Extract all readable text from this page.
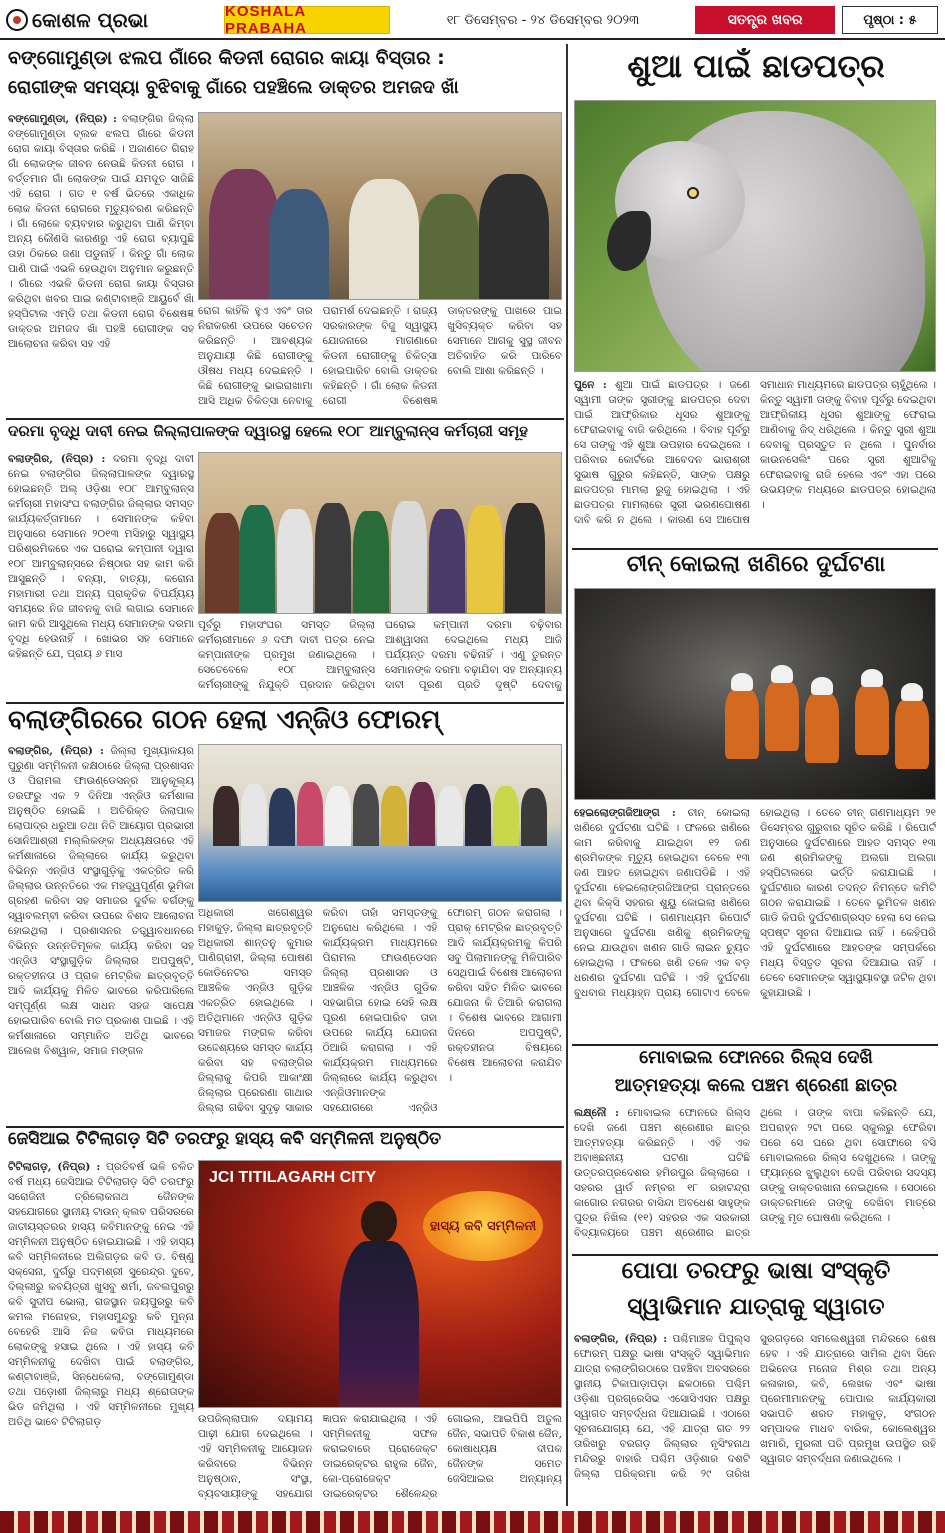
କୋଶଳ ପ୍ରଭା	KOSHALA PRABAHA	୧୮ ଡିସେମ୍ବର - ୨୪ ଡିସେମ୍ବର ୨୦୨୩	ସତନ୍ତ୍ର ଖବର	ପୃଷ୍ଠା : ୫
ବଙ୍ଗୋମୁଣ୍ଡା ଝଲପ ଗାଁରେ କିଡନୀ ରୋଗର କାୟା ବିସ୍ତାର :
ରୋଗୀଙ୍କ ସମସ୍ୟା ବୁଝିବାକୁ ଗାଁରେ ପହଞ୍ଚିଲେ ଡାକ୍ତର ଅମଜଦ ଖାଁ
ବଙ୍ଗୋମୁଣ୍ଡା, (ନିପ୍ର) : ବଲାଙ୍ଗିର ଜିଲ୍ଲା ବଙ୍ଗୋମୁଣ୍ଡା ବ୍ଲକ ଝଲପ ଗାଁରେ କିଡନୀ ରୋଗ କାୟା ବିସ୍ତାର କରିଛି । ଅଜାଣତେ ଗିରାହ ଗାଁ ଲୋକଙ୍କ ଜୀବନ ନେଉଛି କିଡନୀ ରୋଗ । ବର୍ତ୍ତମାନ ଗାଁ ଲୋକଙ୍କ ପାଇଁ ଯମଦୂତ ସାଜିଛି ଏହି ରୋଗ । ଗତ ୧ ବର୍ଷ ଭିତରେ ଏକାଧିକ ଲୋକ କିଡନୀ ରୋଗରେ ମୃତ୍ୟୁବରଣ କରିଛନ୍ତି । ଗାଁ ଲୋକେ ବ୍ୟବହାର କରୁଥିବା ପାଣି କିମ୍ବା ଅନ୍ୟ କୌଣସି କାରଣରୁ ଏହି ରୋଗ ବ୍ୟାପୁଛି ତାହା ଠିକରେ ଜଣା ପଡୁନାହିଁ । କିନ୍ତୁ ଗାଁ ଲୋକ ପାଣି ପାଇଁ ଏଭଳି ହେଉଥିବା ଅନୁମାନ କରୁଛନ୍ତି । ଗାଁରେ ଏଭଳି କିଡନୀ ରୋଗ କାୟା ବିସ୍ତାର କରିଥିବା ଖବର ପାଇ କଣ୍ଟାବାଞ୍ଜି ଆୟୁର୍ବେ ଖାଁ ହସ୍ପିଟାଲ ଏମ୍‌ଡି ତଥା କିଡନୀ ରୋଗ ବିଶେଷଜ୍ଞ ଡାକ୍ତର ଅମଜଦ ଖାଁ ପହଞ୍ଚି ରୋଗୀଙ୍କ ସହ ଆଲୋଚନା କରିବା ସହ ଏହି
ରୋଗ କାହିଁକି ହୁଏ ଏବଂ ତାର ନିରାକରଣ ଉପରେ ସଚେତନ କରିଛନ୍ତି । ଆବଶ୍ୟକ ଅନୁଯାୟୀ କିଛି ରୋଗୀଙ୍କୁ ଔଷଧ ମଧ୍ୟ ଦେଇଛନ୍ତି । କିଛି ରୋଗୀଙ୍କୁ ଭାଇରାଖାମା ଆସି ଅଧିକ ଚିକିତ୍ସା ନେବାକୁ ପରାମର୍ଶ ଦେଇଛନ୍ତି । ରାଜ୍ୟ ସରକାରଙ୍କ ବିଜୁ ସ୍ୱାସ୍ଥ୍ୟ ଯୋଜନାରେ ମାଗଣାରେ କିଡନୀ ରୋଗୀଙ୍କୁ ଚିକିତ୍ସା ହୋଇପାରିବ ବୋଲି ଡାକ୍ତର କହିଛନ୍ତି । ଗାଁ ଲୋକ କିଡନୀ ରୋଗୀ ବିଶେଷଜ୍ଞ ଡାକ୍ତରଙ୍କୁ ପାଖରେ ପାଇ ଖୁସିବ୍ୟକ୍ତ କରିବା ସହ ସେମାନେ ଆଗକୁ ସୁସ୍ଥ ଜୀବନ ଅତିବାହିତ କରି ପାରିବେ ବୋଲି ଆଶା କରିଛନ୍ତି ।
ଦରମା ବୃଦ୍ଧି ଦାବୀ ନେଇ ଜିଲ୍ଲାପାଳଙ୍କ ଦ୍ୱାରସ୍ଥ ହେଲେ ୧୦୮ ଆମ୍ବୁଲାନ୍ସ କର୍ମଚାରୀ ସମୂହ
ବଲାଙ୍ଗିର, (ନିପ୍ର) : ଦରମା ବୃଦ୍ଧି ଦାବୀ ନେଇ ବଲାଙ୍ଗିର ଜିଲ୍ଲାପାଳଙ୍କ ଦ୍ୱାରସ୍ଥ ହୋଇଛନ୍ତି ଅଲ୍ ଓଡ଼ିଶା ୧୦୮ ଆମ୍ବୁଲାନ୍ସ କର୍ମଚାରୀ ମହାସଂଘ ବଲାଙ୍ଗିର ଜିଲ୍ଲାର ସମସ୍ତ କାର୍ଯ୍ୟକର୍ତ୍ତାମାନେ । ସେମାନଙ୍କ କହିବା ଅନୁସାରେ ସେମାନେ ୨୦୧୩ ମସିହାରୁ ସ୍ୱାସ୍ଥ୍ୟ ପରିଶ୍ରମିକରେ ଏକ ଘରୋଇ କମ୍ପାନୀ ଦ୍ୱାରା ୧୦୮ ଆମ୍ବୁଲାନ୍ସରେ ନିଷ୍ଠାର ସହ କାମ କରି ଆସୁଛନ୍ତି । ବନ୍ୟା, ବାତ୍ୟା, କରୋନା ମହାମାରୀ ତଥା ଅନ୍ୟ ପ୍ରାକୃତିକ ବିପର୍ଯ୍ୟୟ ସମୟରେ ନିଜ ଜୀବନକୁ ବାଜି ଲଗାଇ ସେମାନେ କାମ କରି ଆସୁଥିଲେ ମଧ୍ୟ ସେମାନଙ୍କ ଦରମା ବୃଦ୍ଧି ହେଉନାହିଁ । ଖୋଭର ସହ ସେମାନେ କହିଛନ୍ତି ଯେ, ପ୍ରାୟ ୬ ମାସ
ପୂର୍ବରୁ ମହାସଂଘର ସମସ୍ତ ଜିଲ୍ଲା କର୍ମଚାରୀମାନେ ୬ ଦଫା ଦାବୀ ପତ୍ର ନେଇ କମ୍ପାନୀଙ୍କ ପ୍ରମୁଖ ଜଣାଇଥିଲେ । ସେତେବେଳେ ୧୦୮ ଆମ୍ବୁଲାନ୍ସ କର୍ମଚାରୀଙ୍କୁ ନିଯୁକ୍ତି ପ୍ରଦାନ କରିଥିବା ଘରୋଇ କମ୍ପାନୀ ଦରମା ବଢ଼ିବାର ଆଶ୍ୱାସନା ଦେଇଥିଲେ ମଧ୍ୟ ଆଜି ପର୍ଯ୍ୟନ୍ତ ଦରମା ବଢିନାହିଁ । ଏଣୁ ତୁରନ୍ତ ସେମାନଙ୍କ ଦରମା ବଢ଼ାଯିବା ସହ ଅନ୍ୟାନ୍ୟ ଦାବୀ ପୂରଣ ପ୍ରତି ଦୃଷ୍ଟି ଦେବାକୁ
ବଲାଙ୍ଗିରରେ ଗଠନ ହେଲା ଏନ୍‌ଜିଓ ଫୋରମ୍
ବଲାଙ୍ଗିର, (ନିପ୍ର) : ଜିଲ୍ଲା ମୁଖ୍ୟାଳୟର ପୁରୁଣା ସମ୍ମିଳନୀ କକ୍ଷଠାରେ ଜିଲ୍ଲା ପ୍ରଶାସନ ଓ ପିରାମଲ ଫାଉଣ୍ଡେସନ୍‌ର ଆନୁକୂଲ୍ୟ ତରଫରୁ ଏକ ୨ ଦିନିଆ ଏନ୍‌ଜିଓ କର୍ମଶାଳା ଅନୁଷ୍ଠିତ ହୋଇଛି । ଅତିରିକ୍ତ ଜିଲାପାଳ ଲୋପାଦ୍ର ଧରୁଆ ତଥା ନିତି ଆୟୋଗ ପ୍ରଭାରୀ ସୋନିଆଶ୍ରୀ ମଲ୍ଲିକଙ୍କ ଅଧ୍ୟକ୍ଷତାରେ ଏହି କର୍ମଶାଳାରେ ଜିଲ୍ଲାରେ କାର୍ଯ୍ୟ କରୁଥିବା ବିଭିନ୍ନ ଏନ୍‌ଜିଓ ସଂସ୍ଥାଗୁଡ଼ିକୁ ଏକତ୍ରିତ କରି ଜିଲ୍ଲାର ଉନ୍ନତିରେ ଏକ ମହତ୍ତ୍ୱପୂର୍ଣ୍ଣ ଭୂମିକା ଗ୍ରହଣ କରିବା ସହ ସମାଜର ଦୁର୍ବଳ ବର୍ଗଙ୍କୁ ସ୍ୱାବଲମ୍ବୀ କରିବା ଉପରେ ବିଶଦ ଆଲୋଚନା ହୋଇଥିଲା । ପ୍ରଶାସନର ତତ୍ତ୍ୱାବଧାନରେ ବିଭିନ୍ନ ଉନ୍ନତିମୂଳକ କାର୍ଯ୍ୟ କରିବା ସହ ଏନ୍‌ଜିଓ ସଂସ୍ଥାଗୁଡ଼ିକ ଜିଲ୍ଲାର ଅପପୁଷ୍ଟି, ରକ୍ତହୀନତା ଓ ପ୍ରାକ ମେଟ୍ରିକ ଛାତ୍ରବୃତ୍ତି ଆଦି କାର୍ଯ୍ୟକୁ ମିଳିତ ଭାବରେ କରିପାରିଲେ ସମ୍ପୂର୍ଣ୍ଣ ଲକ୍ଷ ସାଧନ ସହଜ ସାପେକ୍ଷ ହୋଇପାରିବ ବୋଲି ମତ ପ୍ରକାଶ ପାଇଛି । ଏହି କର୍ମଶାଳାରେ ସମ୍ମାନିତ ଅତିଥି ଭାବରେ ଆଲେଖ ବିଶ୍ୱାଳ, ସମାଜ ମଙ୍ଗଳ
ଅଧିକାରୀ ଖଗେଶ୍ୱର ମହାକୁଡ଼, ଜିଲ୍ଲା ଛାତ୍ରବୃତ୍ତି ଅଧିକାରୀ ଶାନ୍ତନୁ କୁମାର ପାଣିଗ୍ରାହୀ, ଜିଲ୍ଲା ପୋଷଣ କୋଡିନେଟର ସମସ୍ତ ଆଞ୍ଚଳିକ ଏନ୍‌ଜିଓ ଗୁଡ଼ିକ ଏକତ୍ରିତ ହୋଇଥିଲେ । ଅତିଥିମାନେ ଏନ୍‌ଜିଓ ଗୁଡ଼ିକ ସମାଜର ମଙ୍ଗଳ କରିବା ଉଦ୍ଦେଶ୍ୟରେ ସମସ୍ତ କାର୍ଯ୍ୟ କରିବା ସହ ବଲାଙ୍ଗିର ଜିଲ୍ଲାକୁ କିପରି ଆକାଂକ୍ଷୀ ଜିଲ୍ଲାର ପ୍ରେରଣା ଗାଥାର ଜିଲ୍ଲା ଗଢିବା ସୁଦୃଢ଼ ସାକାର କରିବା ତାହାଁ ସମସ୍ତଙ୍କୁ ଅନୁରୋଧ କରିଥିଲେ । ଏହି କାର୍ଯ୍ୟକ୍ରମ ମାଧ୍ୟମରେ ପିରାମଲ ଫାଉଣ୍ଡେସନ ଜିଲ୍ଲା ପ୍ରଶାସନ ଓ ଆଞ୍ଚଳିକ ଏନ୍‌ଜିଓ ଗୁଡିକ ସହଭାଗିତା ହୋଇ ସେହି ଲକ୍ଷ ପୂରଣ ହୋଇପାରିବ ତାହା ଉପରେ କାର୍ଯ୍ୟ ଯୋଜନା ଠିଆରି କରାଗଲା । ଏହି କାର୍ଯ୍ୟକ୍ରମ ମାଧ୍ୟମରେ ଜିଲ୍ଲାରେ କାର୍ଯ୍ୟ କରୁଥିବା ଏନ୍‌ଜିଓମାନଙ୍କ ସହଯୋଗରେ ଏନ୍‌ଜିଓ ଫୋରମ୍ ଗଠନ କରାଗଲା । ପ୍ରାକ୍ ମେଟ୍ରିକ ଛାତ୍ରବୃତ୍ତି ଆଦି କାର୍ଯ୍ୟକ୍ରମକୁ କିପରି ସବୁ ପିଲାମାନଙ୍କୁ ମିଳିପାରିବ ସେଥିପାଇଁ ବିଶେଷ ଆଲୋଚନା କରିବା ସହିତ ମିଳିତ ଭାବରେ ଯୋଜନା କି ତିଆରି କରାଗଲା । ବିଶେଷ ଭାବରେ ଆଗାମୀ ଦିନରେ ଅପପୁଷ୍ଟି, ରକ୍ତହୀନତା ବିଷୟରେ ବିଶେଷ ଆଲୋଚନା କରାଯିବ ।
ଜେସିଆଇ ଟିଟିଲାଗଡ଼ ସିଟି ତରଫରୁ ହାସ୍ୟ କବି ସମ୍ମିଳନୀ ଅନୁଷ୍ଠିତ
ଟିଟିଲାଗଡ଼, (ନିପ୍ର) : ପ୍ରତିବର୍ଷ ଭଳି ଚଳିତ ବର୍ଷ ମଧ୍ୟ ଜେସିଆଇ ଟିଟିଲାଗଡ଼ ସିଟି ତରଫରୁ ସରୋଜିନୀ ତ୍ରିଲୋକନାଥ ଜୈନଙ୍କ ସହଯୋଗରେ ସ୍ଥାନୀୟ ଟାଉନ୍ କ୍ଲବ ପରିସରରେ ଜାତୀୟସ୍ତରର ହାସ୍ୟ କବିମାନଙ୍କୁ ନେଇ ଏହି ସମ୍ମିଳନୀ ଅନୁଷ୍ଠିତ ହୋଇଯାଇଛି । ଏହି ହାସ୍ୟ କବି ସମ୍ମିଳନୀରେ ଅଲିଗଡ଼ର କବି ଡ. ବିଷ୍ଣୁ ସକ୍ସେନା, ଦୁର୍ଗରୁ ପଦ୍ମଶ୍ରୀ ସୁରେନ୍ଦ୍ର ଦୁବେ, ଦିଲ୍ଲୀରୁ କବୟିତ୍ରୀ ଖୁସବୁ ଶର୍ମା, ଜବଲପୁରରୁ କବି ସୁଦୀପ ଭୋଲା, ରାଜସ୍ଥାନ ଜୟପୁରରୁ କବି କମଲ ମନୋହର, ମହାସମୁନ୍ଦରୁ କବି ମୁନ୍ନା ବେହେରି ଆସି ନିଜ କବିତା ମାଧ୍ୟମରେ ଲୋକଙ୍କୁ ହସାଇ ଥିଲେ । ଏହି ହାସ୍ୟ କବି ସମ୍ମିଳନୀକୁ ଦେଖିବା ପାଇଁ ବଲାଙ୍ଗିର, କଣ୍ଟାବାଞ୍ଜି, ସିନ୍ଧେକେଲା, ବଙ୍ଗୋମୁଣ୍ଡା ତଥା ପଡ଼ୋଶୀ ଜିଲ୍ଲାରୁ ମଧ୍ୟ ଶ୍ରୋତାଙ୍କ ଭିଡ ଜମିଥିଲା । ଏହି ସମ୍ମିଳନୀରେ ମୁଖ୍ୟ ଅତିଥି ଭାବେ ଟିଟିଲାଗଡ଼
JCI TITILAGARH CITY
ହାସ୍ୟ କବି ସମ୍ମିଳନୀ
ଉପଜିଲ୍ଲାପାଳ ଦୟାମୟ ପାଢ଼ୀ ଯୋଗ ଦେଇଥିଲେ । ଏହି ସମ୍ମିଳନୀକୁ ଆୟୋଜନ କରିବାରେ ବିଭିନ୍ନ ଅନୁଷ୍ଠାନ, ସଂସ୍ଥା, ବ୍ୟବସାୟୀଙ୍କୁ ସହଯୋଗ ଜ୍ଞାପନ କରାଯାଇଥିଲା । ଏହି ସମ୍ମିଳନୀକୁ ସଫଳ କରାଇବାରେ ପ୍ରୋଜେକ୍ଟ ଡାଇରେକ୍ଟର ରାହୁଲ ଜୈନ, କୋ-ପ୍ରୋଜେକ୍ଟ ଡାଇରେକ୍ଟର ଶୈଳେନ୍ଦ୍ର ଗୋଇଲ, ଆଇପିପି ଅତୁଲ ଜୈନ, ସଭାପତି ବିକାଶ ଜୈନ, କୋଷାଧ୍ୟକ୍ଷ ଦୀପକ ଜୈନଙ୍କ ସମେତ ଜେସିଆଇର ଅନ୍ୟାନ୍ୟ
ଶୁଆ ପାଇଁ ଛାଡପତ୍ର
ପୁନେ : ଶୁଆ ପାଇଁ ଛାଡପତ୍ର । ଜଣେ ସ୍ୱାମୀ ତାଙ୍କ ସ୍ତ୍ରୀଙ୍କୁ ଛାଡପତ୍ର ଦେବା ପାଇଁ ଆଫ୍ରିକାର ଧୂସର ଶୁଆଙ୍କୁ ଫେରାଇବାକୁ ବାଜି କରିଥିଲେ । ବିବାହ ପୂର୍ବରୁ ସେ ତାଙ୍କୁ ଏହି ଶୁଆ ଉପହାର ଦେଇଥିଲେ । ପରିବାର କୋର୍ଟରେ ଆବେଦନ ଭାରାଶ୍ରୀ ସୁଭାଷ ଗୁରୁର କହିଛନ୍ତି, ସାଙ୍କ ପକ୍ଷରୁ ଛାଡପତ୍ର ମାମଲା ରୁଜୁ ହୋଇଥିଲା । ଏହି ଛାଡପତ୍ର ମାମଲାରେ ସ୍ତ୍ରୀ ଭରଣପୋଷଣ ଦାବି କରି ନ ଥିଲେ । କାରଣ ସେ ଆପୋଷ ସମାଧାନ ମାଧ୍ୟମରେ ଛାଡପତ୍ର ଚାହୁଁଥିଲେ । କିନ୍ତୁ ସ୍ୱାମୀ ତାଙ୍କୁ ବିବାହ ପୂର୍ବରୁ ଦେଇଥିବା ଆଫ୍ରିକୀୟ ଧୂସର ଶୁଆଙ୍କୁ ଫେରାଇ ଆଣିବାକୁ ଜିଦ୍ ଧରିଥିଲେ । କିନ୍ତୁ ସ୍ତ୍ରୀ ଶୁଆ ଦେବାକୁ ପ୍ରସ୍ତୁତ ନ ଥିଲେ । ପୁନର୍ବାର କାଉନସେଲିଂ ପରେ ସ୍ତ୍ରୀ ଶୁଆଟିକୁ ଫେରାଇବାକୁ ରାଜି ହେଲେ ଏବଂ ଏହା ପରେ ଉଭୟଙ୍କ ମଧ୍ୟରେ ଛାଡପତ୍ର ହୋଇଥିଲା ।
ଚୀନ୍ କୋଇଲା ଖଣିରେ ଦୁର୍ଘଟଣା
ହେଇଲୋଙ୍ଗଜିଆଙ୍ଗ : ଚୀନ୍ କୋଇଲା ଖଣିରେ ଦୁର୍ଘଟଣା ଘଟିଛି । ଫଳରେ ଖଣିରେ କାମ କରିବାକୁ ଯାଇଥିବା ୧୨ ଜଣ ଶ୍ରମିକଙ୍କ ମୃତ୍ୟୁ ହୋଇଥିବା ବେଳେ ୧୩ ଜଣ ଆହତ ହୋଇଥିବା ଜଣାପଡିଛି । ଏହି ଦୁର୍ଘଟଣା ହେଇଲୋଙ୍ଗଜିଆଙ୍ଗ ପ୍ରାନ୍ତରେ ଥିବା କିକ୍ସି ସହରର ଶୁୟୁ କୋଇଲା ଖଣିରେ ଦୁର୍ଘଟଣା ଘଟିଛି । ଗଣମାଧ୍ୟମ ରିପୋର୍ଟ ଅନୁସାରେ ଦୁର୍ଘଟଣା ଖଣିକୁ ଶ୍ରମିକଙ୍କୁ ନେଇ ଯାଉଥିବା ଖଣନ ଗାଡି ଲାଇନ ଚ୍ୟୁତ ହୋଇଥିଲା । ଫଳରେ ଖଣି ତଳେ ଏକ ବଡ଼ ଧରଣର ଦୁର୍ଘଟଣା ଘଟିଛି । ଏହି ଦୁର୍ଘଟଣା ବୁଧବାର ମଧ୍ୟାହ୍ନ ପ୍ରାୟ ଗୋଟାଏ ବେଳେ ହୋଇଥିଲା । ତେବେ ଚୀନ୍ ଗଣମାଧ୍ୟମ ୨୧ ଡିସେମ୍ବର ଗୁରୁବାର ସୂଚିତ କରିଛି । ରିପୋର୍ଟ ଅନୁସାରେ ଦୁର୍ଘଟଣାରେ ଆହତ ସମସ୍ତ ୧୩ ଜଣ ଶ୍ରମିକଙ୍କୁ ଅଲଗା ଅଲଗା ହସ୍ପିଟାଲରେ ଭର୍ତ୍ତି କରାଯାଇଛି । ଦୁର୍ଘଟଣାର କାରଣ ତଦନ୍ତ ନିମନ୍ତେ କମିଟି ଗଠନ କରାଯାଇଛି । ତେବେ ଭୂମିତଳ ଖଣନ ଗାଡି କିପରି ଦୁର୍ଘଟଣାଗ୍ରସ୍ତ ହେଲା ସେ ନେଇ ସ୍ପଷ୍ଟ ସୂଚନା ଦିଆଯାଇ ନାହିଁ । କେହିପରି ଏହି ଦୁର୍ଘଟଣାରେ ଆହତଙ୍କ ସମ୍ପର୍କରେ ମଧ୍ୟ ବିସ୍ତୃତ ସୂଚନା ଦିଆଯାଇ ନାହିଁ । ତେବେ ସେମାନଙ୍କ ସ୍ୱାସ୍ଥ୍ୟାବସ୍ଥା ଜଟିଳ ଥିବା କୁହାଯାଉଛି ।
ମୋବାଇଲ ଫୋନରେ ରିଲ୍ସ ଦେଖି
ଆତ୍ମହତ୍ୟା କଲେ ପଞ୍ଚମ ଶ୍ରେଣୀ ଛାତ୍ର
ଲକ୍ଷ୍ନୌ : ମୋବାଇଲ ଫୋନରେ ରିଲ୍ସ ଦେଖି ଜଣେ ପଞ୍ଚମ ଶ୍ରେଣୀର ଛାତ୍ର ଆତ୍ମହତ୍ୟା କରିଛନ୍ତି । ଏହି ଏକ ଅବାଞ୍ଛନୀୟ ଘଟଣା ଘଟିଛି ଉତ୍ତରପ୍ରଦେଶର ହମିରପୁର ଜିଲ୍ଲାରେ । ସହରର ୱାର୍ଡ ନମ୍ବର ୧୮ ରହାଟନ୍ଦ୍ରା କାଗୋର ନଗରର ବାସିନ୍ଦା ଅବଧେଶ ସାହୁଙ୍କ ପୁତ୍ର ନିଖିଲ (୧୧) ସହରର ଏକ ସରକାରୀ ବିଦ୍ୟାଳୟରେ ପଞ୍ଚମ ଶ୍ରେଣୀର ଛାତ୍ର ଥିଲେ । ତାଙ୍କ ବାପା କହିଛନ୍ତି ଯେ, ଅପରାହ୍ନ ୨ଟା ପରେ ସ୍କୁଲରୁ ଫେରିବା ପରେ ସେ ଘରେ ଥିବା ସୋଫାରେ ବସି ମୋବାଇଲରେ ରିଲ୍ସ ଦେଖୁଥିଲେ । ତାଙ୍କୁ ଫ୍ୟାନ୍‌ରେ ଝୁଲୁଥିବା ଦେଖି ପରିବାର ସଦସ୍ୟ ତାଙ୍କୁ ଡାକ୍ତରଖାନା ନେଇଥିଲେ । ସେଠାରେ ଡାକ୍ତରମାନେ ତାଙ୍କୁ ଦେଖିବା ମାତ୍ରେ ତାଙ୍କୁ ମୃତ ଘୋଷଣା କରିଥିଲେ ।
ପୋପା ତରଫରୁ ଭାଷା ସଂସ୍କୃତି
ସ୍ୱାଭିମାନ ଯାତ୍ରାକୁ ସ୍ୱାଗତ
ବଲାଙ୍ଗିର, (ନିପ୍ର) : ପଶ୍ଚିମାଞ୍ଚଳ ପିପୁଲ୍ସ ଫୋରମ୍ ପକ୍ଷରୁ ଭାଷା ସଂସ୍କୃତି ସ୍ୱାଭିମାନ ଯାତ୍ରା ବଲାଙ୍ଗିରଠାରେ ପହଞ୍ଚିବା ଅବସରରେ ସ୍ଥାନୀୟ ଟିକାପାଡ଼ାପଡ଼ା ଛକଠାରେ ପଶ୍ଚିମ ଓଡ଼ିଶା ପ୍ରଗ୍ରେସିଭ ଏସୋସିଏସନ ପକ୍ଷରୁ ସ୍ୱାଗତ ସମ୍ବର୍ଦ୍ଧନା ଦିଆଯାଇଛି । ଏଠାରେ ସୂଚନାଯୋଗ୍ୟ ଯେ, ଏହି ଯାତ୍ରା ଗତ ୨୨ ତାରିଖରୁ ବରଗଡ଼ ଜିଲ୍ଲାର ନୃସିଂହନାଥ ମନ୍ଦିରରୁ ବାହାରି ପଶ୍ଚିମ ଓଡ଼ିଶାର ଦଶଟି ଜିଲ୍ଲା ପରିକ୍ରମା କରି ୨୯ ତାରିଖ ସୁରଗଡ଼ରେ ସମଲେଶ୍ୱରୀ ମନ୍ଦିରରେ ଶେଷ ହେବ । ଏହି ଯାତ୍ରାରେ ସାମିଲ ଥିବା ସିନେ ଅଭିନେତା ମନୋଜ ମିଶ୍ର ତଥା ଅନ୍ୟ କଳାକାର, କବି, ଲେଖକ ଏବଂ ଭାଷା ପ୍ରେମୀମାନଙ୍କୁ ପୋପାର କାର୍ଯ୍ୟକାରୀ ସଭାପତି ଶରତ ମହାକୁଡ଼, ସଂଗଠନ ସମ୍ପାଦକ ମାଧବ ବାରିକ, କୋଲେଶ୍ୱର ଖମାରି, ମୁରଲୀ ପତି ପ୍ରମୁଖ ଉପସ୍ଥିତ ରହି ସ୍ୱାଗତ ସମ୍ବର୍ଦ୍ଧନା ଜଣାଇଥିଲେ ।
